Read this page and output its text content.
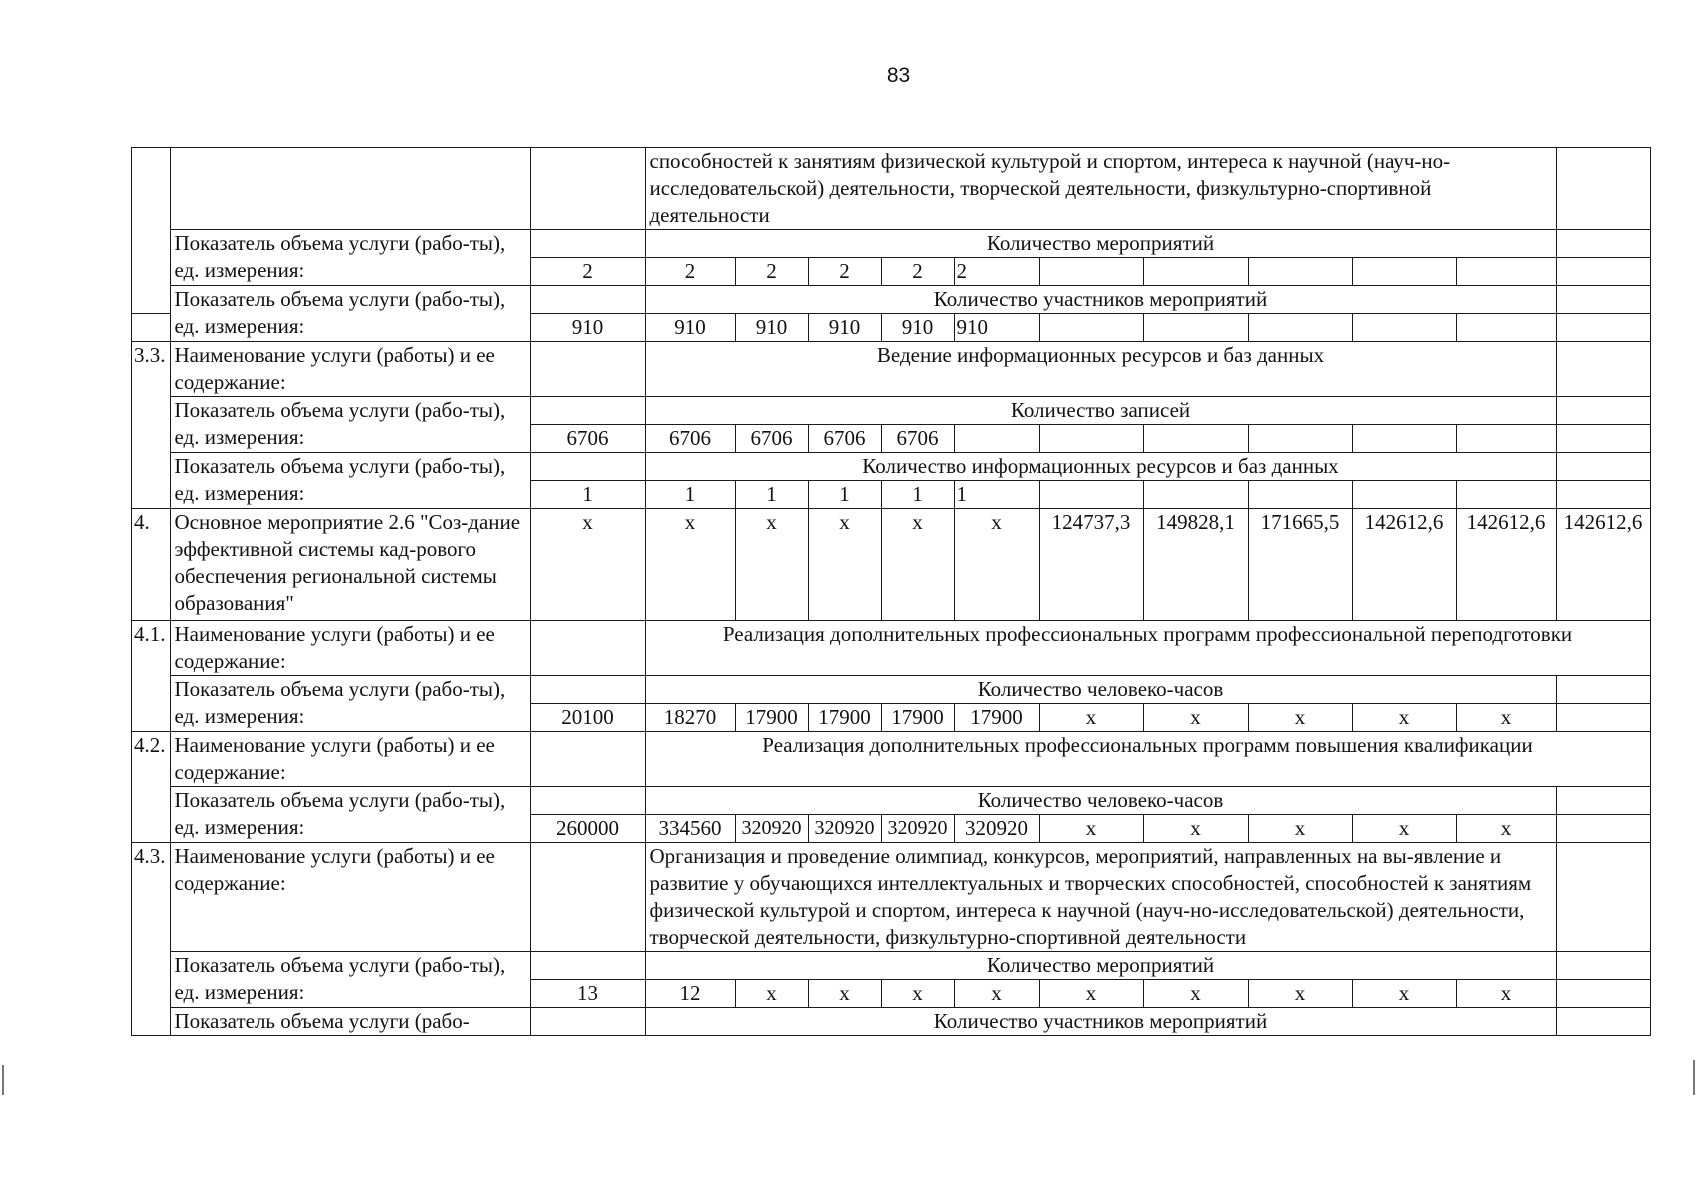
83
			способностей к занятиям физической культурой и спортом, интереса к научной (науч-но-исследовательской) деятельности, творческой деятельности, физкультурно-спортивной деятельности										
	Показатель объема услуги (рабо-ты), ед. измерения:		Количество мероприятий										
		2	2	2	2	2	2						
	Показатель объема услуги (рабо-ты), ед. измерения:		Количество участников мероприятий										
		910	910	910	910	910	910						
3.3.	Наименование услуги (работы) и ее содержание:		Ведение информационных ресурсов и баз данных										
	Показатель объема услуги (рабо-ты), ед. измерения:		Количество записей										
		6706	6706	6706	6706	6706							
	Показатель объема услуги (рабо-ты), ед. измерения:		Количество информационных ресурсов и баз данных										
		1	1	1	1	1	1						
4.	Основное мероприятие 2.6 "Соз-дание эффективной системы кад-рового обеспечения региональной системы образования"	x	x	x	x	x	x	124737,3	149828,1	171665,5	142612,6	142612,6	142612,6
4.1.	Наименование услуги (работы) и ее содержание:		Реализация дополнительных профессиональных программ профессиональной переподготовки										
	Показатель объема услуги (рабо-ты), ед. измерения:		Количество человеко-часов										
		20100	18270	17900	17900	17900	17900	x	x	x	x	x	
4.2.	Наименование услуги (работы) и ее содержание:		Реализация дополнительных профессиональных программ повышения квалификации										
	Показатель объема услуги (рабо-ты), ед. измерения:		Количество человеко-часов										
		260000	334560	320920	320920	320920	320920	x	x	x	x	x	
4.3.	Наименование услуги (работы) и ее содержание:		Организация и проведение олимпиад, конкурсов, мероприятий, направленных на вы-явление и развитие у обучающихся интеллектуальных и творческих способностей, способностей к занятиям физической культурой и спортом, интереса к научной (науч-но-исследовательской) деятельности, творческой деятельности, физкультурно-спортивной деятельности										
	Показатель объема услуги (рабо-ты), ед. измерения:		Количество мероприятий										
		13	12	x	x	x	x	x	x	x	x	x	
	Показатель объема услуги (рабо-		Количество участников мероприятий										
